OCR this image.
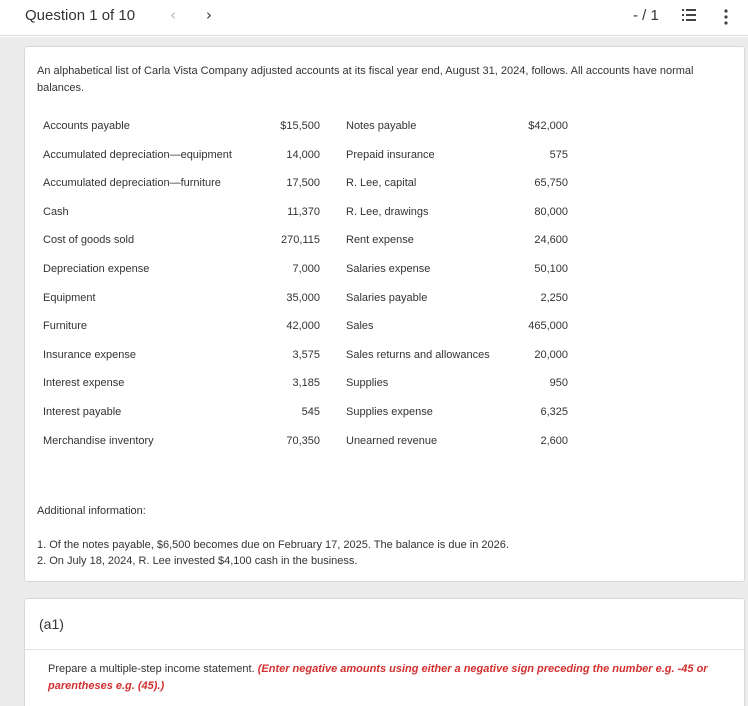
Question 1 of 10 ‹ ›	- / 1

An alphabetical list of Carla Vista Company adjusted accounts at its fiscal year end, August 31, 2024, follows. All accounts have normal balances.

Accounts payable	$15,500 Notes payable	$42,000
Accumulated depreciation—equipment	14,000 Prepaid insurance	575
Accumulated depreciation—furniture	17,500 R. Lee, capital	65,750
Cash	11,370 R. Lee, drawings	80,000
Cost of goods sold	270,115 Rent expense	24,600
Depreciation expense	7,000 Salaries expense	50,100
Equipment	35,000 Salaries payable	2,250
Furniture	42,000 Sales	465,000
Insurance expense	3,575 Sales returns and allowances	20,000
Interest expense	3,185 Supplies	950
Interest payable	545 Supplies expense	6,325
Merchandise inventory	70,350 Unearned revenue	2,600
Additional information:
1. Of the notes payable, $6,500 becomes due on February 17, 2025. The balance is due in 2026.
2. On July 18, 2024, R. Lee invested $4,100 cash in the business.
(a1)

Prepare a multiple-step income statement. (Enter negative amounts using either a negative sign preceding the number e.g. -45 or parentheses e.g. (45).)
